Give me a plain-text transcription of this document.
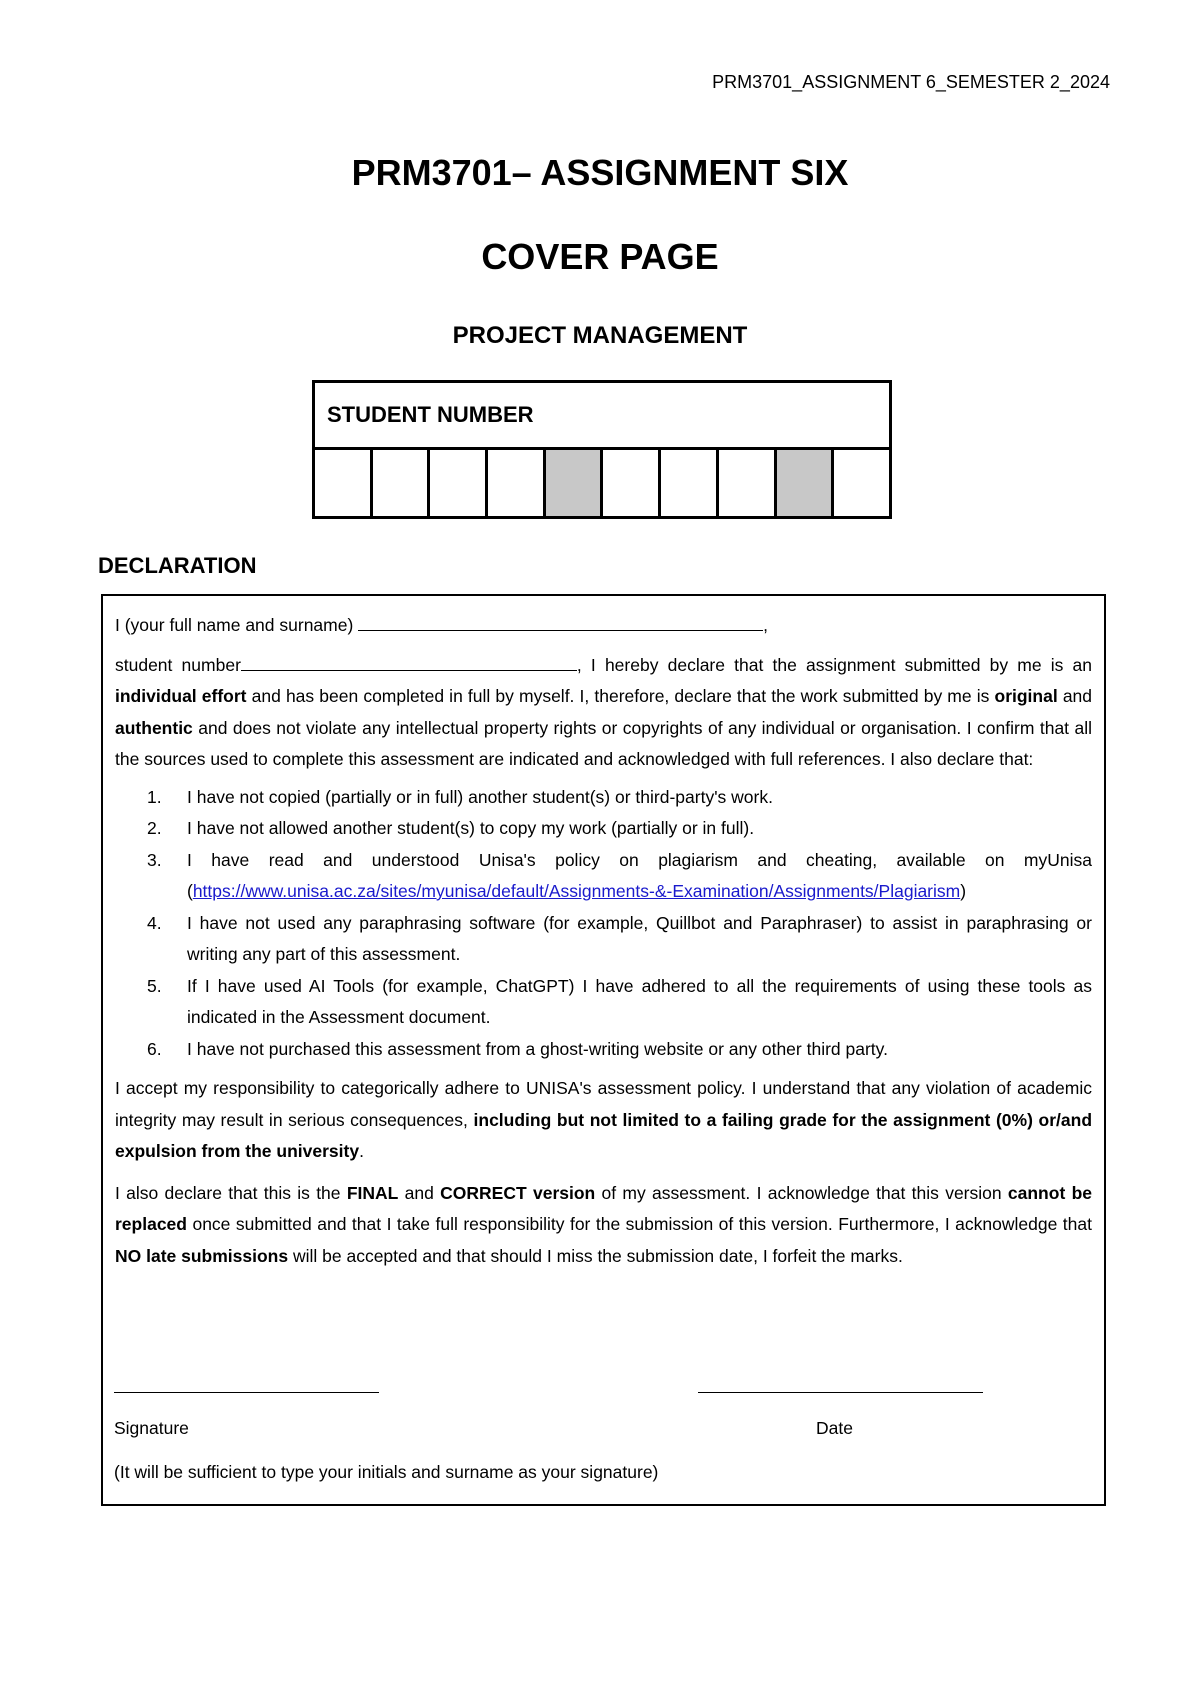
PRM3701_ASSIGNMENT 6_SEMESTER 2_2024
PRM3701– ASSIGNMENT SIX
COVER PAGE
PROJECT MANAGEMENT
STUDENT NUMBER

DECLARATION

I (your full name and surname)	,

student number	, I hereby declare that the assignment submitted by me is an individual effort and has been completed in full by myself. I, therefore, declare that the work submitted by me is original and authentic and does not violate any intellectual property rights or copyrights of any individual or organisation. I confirm that all the sources used to complete this assessment are indicated and acknowledged with full references. I also declare that:

1. I have not copied (partially or in full) another student(s) or third-party's work.
2. I have not allowed another student(s) to copy my work (partially or in full).
3. I have read and understood Unisa's policy on plagiarism and cheating, available on myUnisa (https://www.unisa.ac.za/sites/myunisa/default/Assignments-&-Examination/Assignments/Plagiarism)
4. I have not used any paraphrasing software (for example, Quillbot and Paraphraser) to assist in paraphrasing or writing any part of this assessment.
5. If I have used AI Tools (for example, ChatGPT) I have adhered to all the requirements of using these tools as indicated in the Assessment document.
6. I have not purchased this assessment from a ghost-writing website or any other third party.

I accept my responsibility to categorically adhere to UNISA's assessment policy. I understand that any violation of academic integrity may result in serious consequences, including but not limited to a failing grade for the assignment (0%) or/and expulsion from the university.

I also declare that this is the FINAL and CORRECT version of my assessment. I acknowledge that this version cannot be replaced once submitted and that I take full responsibility for the submission of this version. Furthermore, I acknowledge that NO late submissions will be accepted and that should I miss the submission date, I forfeit the marks.

Signature	Date
(It will be sufficient to type your initials and surname as your signature)
